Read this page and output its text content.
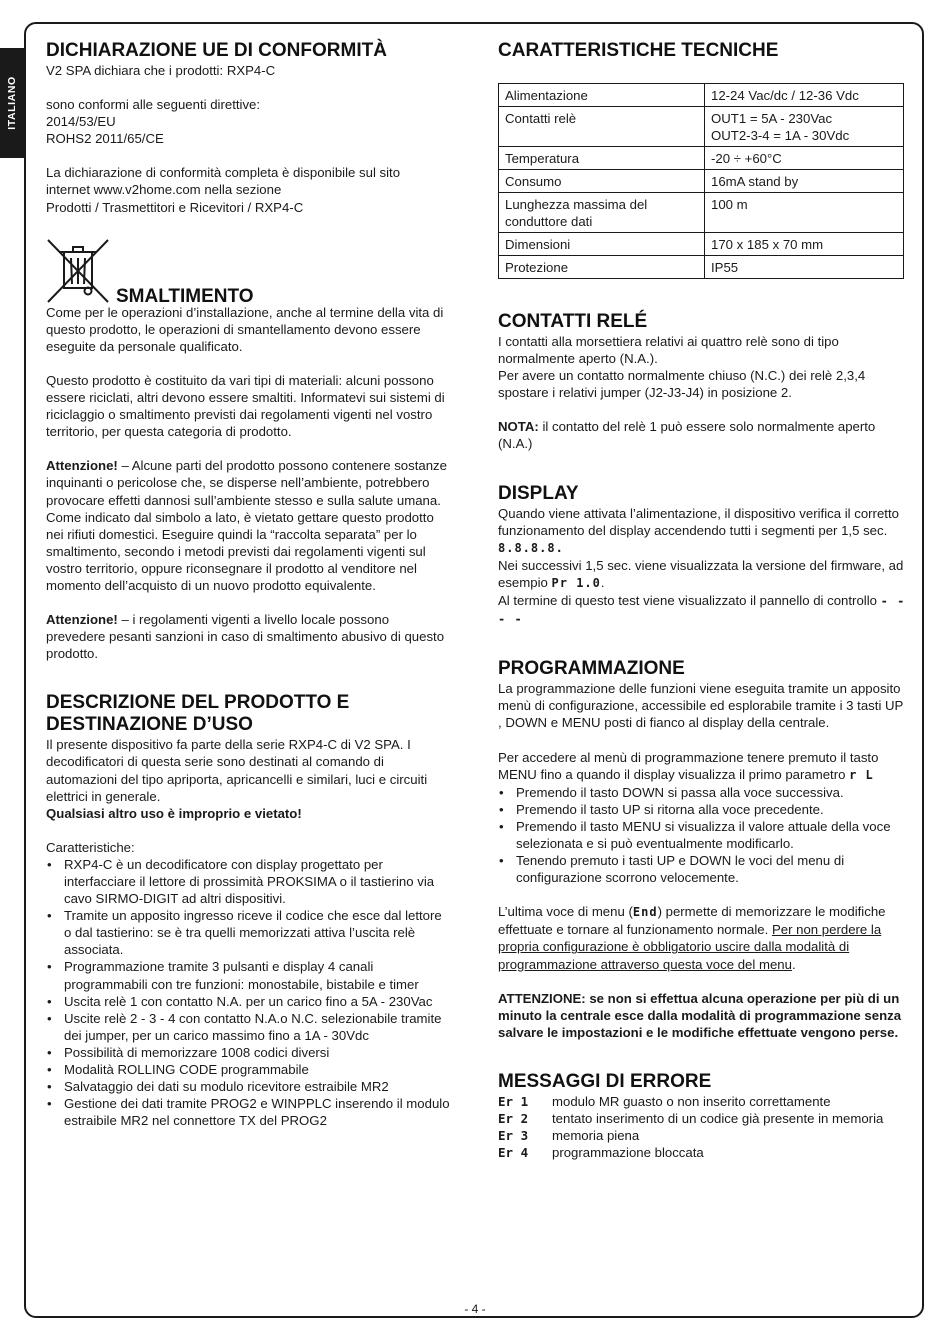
ITALIANO
DICHIARAZIONE UE DI CONFORMITÀ

V2 SPA dichiara che i prodotti: RXP4-C

sono conformi alle seguenti direttive:

2014/53/EU

ROHS2 2011/65/CE

La dichiarazione di conformità completa è disponibile sul sito

internet www.v2home.com nella sezione

Prodotti / Trasmettitori e Ricevitori / RXP4-C

SMALTIMENTO

Come per le operazioni d’installazione, anche al termine della vita di questo prodotto, le operazioni di smantellamento devono essere eseguite da personale qualificato.

Questo prodotto è costituito da vari tipi di materiali: alcuni possono essere riciclati, altri devono essere smaltiti. Informatevi sui sistemi di riciclaggio o smaltimento previsti dai regolamenti vigenti nel vostro territorio, per questa categoria di prodotto.

Attenzione! – Alcune parti del prodotto possono contenere sostanze inquinanti o pericolose che, se disperse nell’ambiente, potrebbero provocare effetti dannosi sull’ambiente stesso e sulla salute umana.

Come indicato dal simbolo a lato, è vietato gettare questo prodotto nei rifiuti domestici. Eseguire quindi la “raccolta separata” per lo smaltimento, secondo i metodi previsti dai regolamenti vigenti sul vostro territorio, oppure riconsegnare il prodotto al venditore nel momento dell’acquisto di un nuovo prodotto equivalente.

Attenzione! – i regolamenti vigenti a livello locale possono prevedere pesanti sanzioni in caso di smaltimento abusivo di questo prodotto.

DESCRIZIONE DEL PRODOTTO E
DESTINAZIONE D’USO

Il presente dispositivo fa parte della serie RXP4-C di V2 SPA. I decodificatori di questa serie sono destinati al comando di automazioni del tipo apriporta, apricancelli e similari, luci e circuiti elettrici in generale.

Qualsiasi altro uso è improprio e vietato!

Caratteristiche:

• RXP4-C è un decodificatore con display progettato per interfacciare il lettore di prossimità PROKSIMA o il tastierino via cavo SIRMO-DIGIT ad altri dispositivi.
• Tramite un apposito ingresso riceve il codice che esce dal lettore o dal tastierino: se è tra quelli memorizzati attiva l’uscita relè associata.
• Programmazione tramite 3 pulsanti e display 4 canali programmabili con tre funzioni: monostabile, bistabile e timer
• Uscita relè 1 con contatto N.A. per un carico fino a 5A - 230Vac
• Uscite relè 2 - 3 - 4 con contatto N.A.o N.C. selezionabile tramite dei jumper, per un carico massimo fino a 1A - 30Vdc
• Possibilità di memorizzare 1008 codici diversi
• Modalità ROLLING CODE programmabile
• Salvataggio dei dati su modulo ricevitore estraibile MR2
• Gestione dei dati tramite PROG2 e WINPPLC inserendo il modulo estraibile MR2 nel connettore TX del PROG2
CARATTERISTICHE TECNICHE
Alimentazione	12-24 Vac/dc / 12-36 Vdc
Contatti relè	OUT1 = 5A - 230Vac
OUT2-3-4 = 1A - 30Vdc
Temperatura	-20 ÷ +60°C
Consumo	16mA stand by
Lunghezza massima del conduttore dati	100 m
Dimensioni	170 x 185 x 70 mm
Protezione	IP55
CONTATTI RELÉ

I contatti alla morsettiera relativi ai quattro relè sono di tipo normalmente aperto (N.A.).

Per avere un contatto normalmente chiuso (N.C.) dei relè 2,3,4 spostare i relativi jumper (J2-J3-J4) in posizione 2.

NOTA: il contatto del relè 1 può essere solo normalmente aperto (N.A.)

DISPLAY

Quando viene attivata l’alimentazione, il dispositivo verifica il corretto funzionamento del display accendendo tutti i segmenti per 1,5 sec. 8.8.8.8.

Nei successivi 1,5 sec. viene visualizzata la versione del firmware, ad esempio Pr 1.0.

Al termine di questo test viene visualizzato il pannello di controllo - - - -

PROGRAMMAZIONE

La programmazione delle funzioni viene eseguita tramite un apposito menù di configurazione, accessibile ed esplorabile tramite i 3 tasti UP , DOWN e MENU posti di fianco al display della centrale.

Per accedere al menù di programmazione tenere premuto il tasto MENU fino a quando il display visualizza il primo parametro r L

• Premendo il tasto DOWN si passa alla voce successiva.
• Premendo il tasto UP si ritorna alla voce precedente.
• Premendo il tasto MENU si visualizza il valore attuale della voce selezionata e si può eventualmente modificarlo.
• Tenendo premuto i tasti UP e DOWN le voci del menu di configurazione scorrono velocemente.

L’ultima voce di menu (End) permette di memorizzare le modifiche effettuate e tornare al funzionamento normale. Per non perdere la propria configurazione è obbligatorio uscire dalla modalità di programmazione attraverso questa voce del menu.

ATTENZIONE: se non si effettua alcuna operazione per più di un minuto la centrale esce dalla modalità di programmazione senza salvare le impostazioni e le modifiche effettuate vengono perse.

MESSAGGI DI ERRORE
Er 1	modulo MR guasto o non inserito correttamente
Er 2	tentato inserimento di un codice già presente in memoria
Er 3	memoria piena
Er 4	programmazione bloccata
- 4 -
